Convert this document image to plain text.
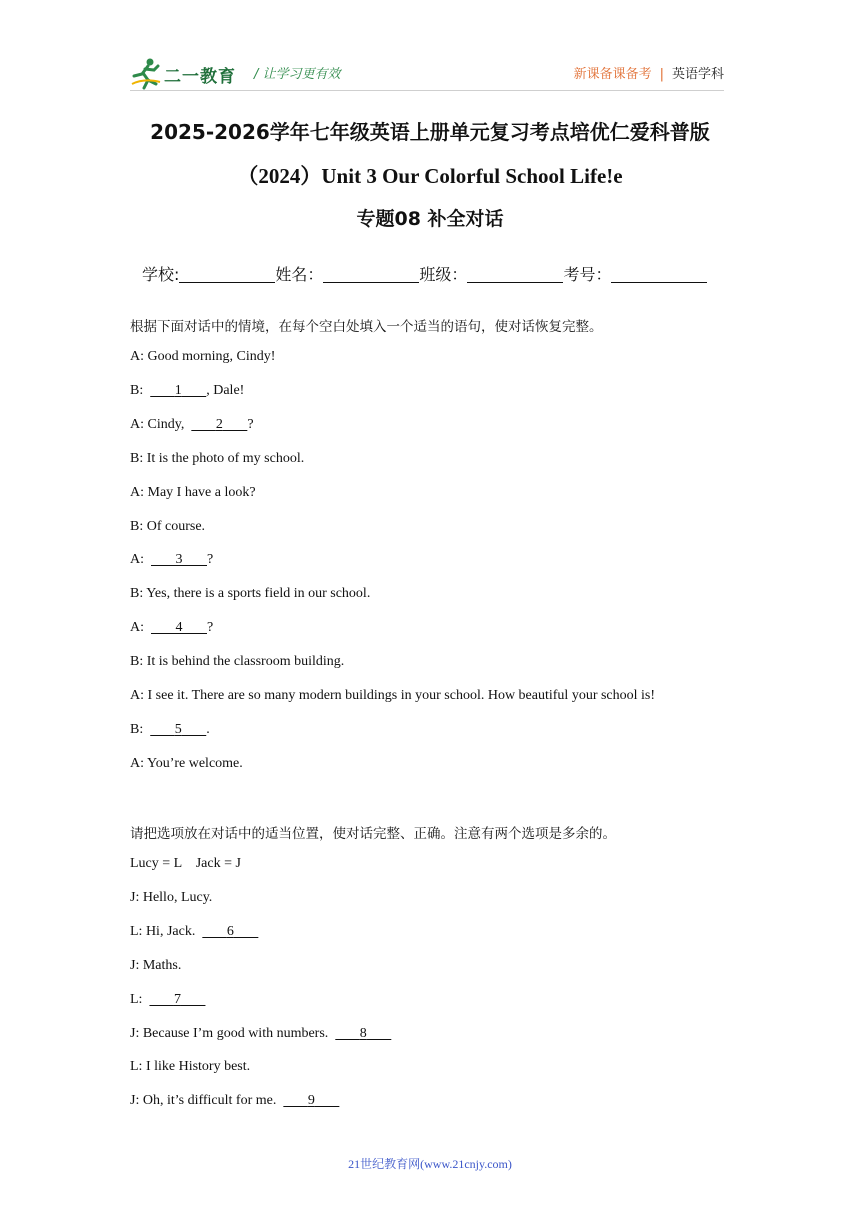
二一教育 / 让学习更有效	新课备课备考 | 英语学科
2025-2026学年七年级英语上册单元复习考点培优仁爱科普版
（2024）Unit 3 Our Colorful School Life!e
专题08 补全对话
学校:	姓名：	班级：	考号：
根据下面对话中的情境，在每个空白处填入一个适当的语句，使对话恢复完整。
A: Good morning, Cindy!
B:         1 , Dale!
A: Cindy,         2 ?
B: It is the photo of my school.
A: May I have a look?
B: Of course.
A:         3 ?
B: Yes, there is a sports field in our school.
A:         4 ?
B: It is behind the classroom building.
A: I see it. There are so many modern buildings in your school. How beautiful your school is!
B:         5 .
A: You’re welcome.
请把选项放在对话中的适当位置，使对话完整、正确。注意有两个选项是多余的。
Lucy = L    Jack = J
J: Hello, Lucy.
L: Hi, Jack.         6
J: Maths.
L:         7
J: Because I’m good with numbers.         8
L: I like History best.
J: Oh, it’s difficult for me.         9
21世纪教育网(www.21cnjy.com)
